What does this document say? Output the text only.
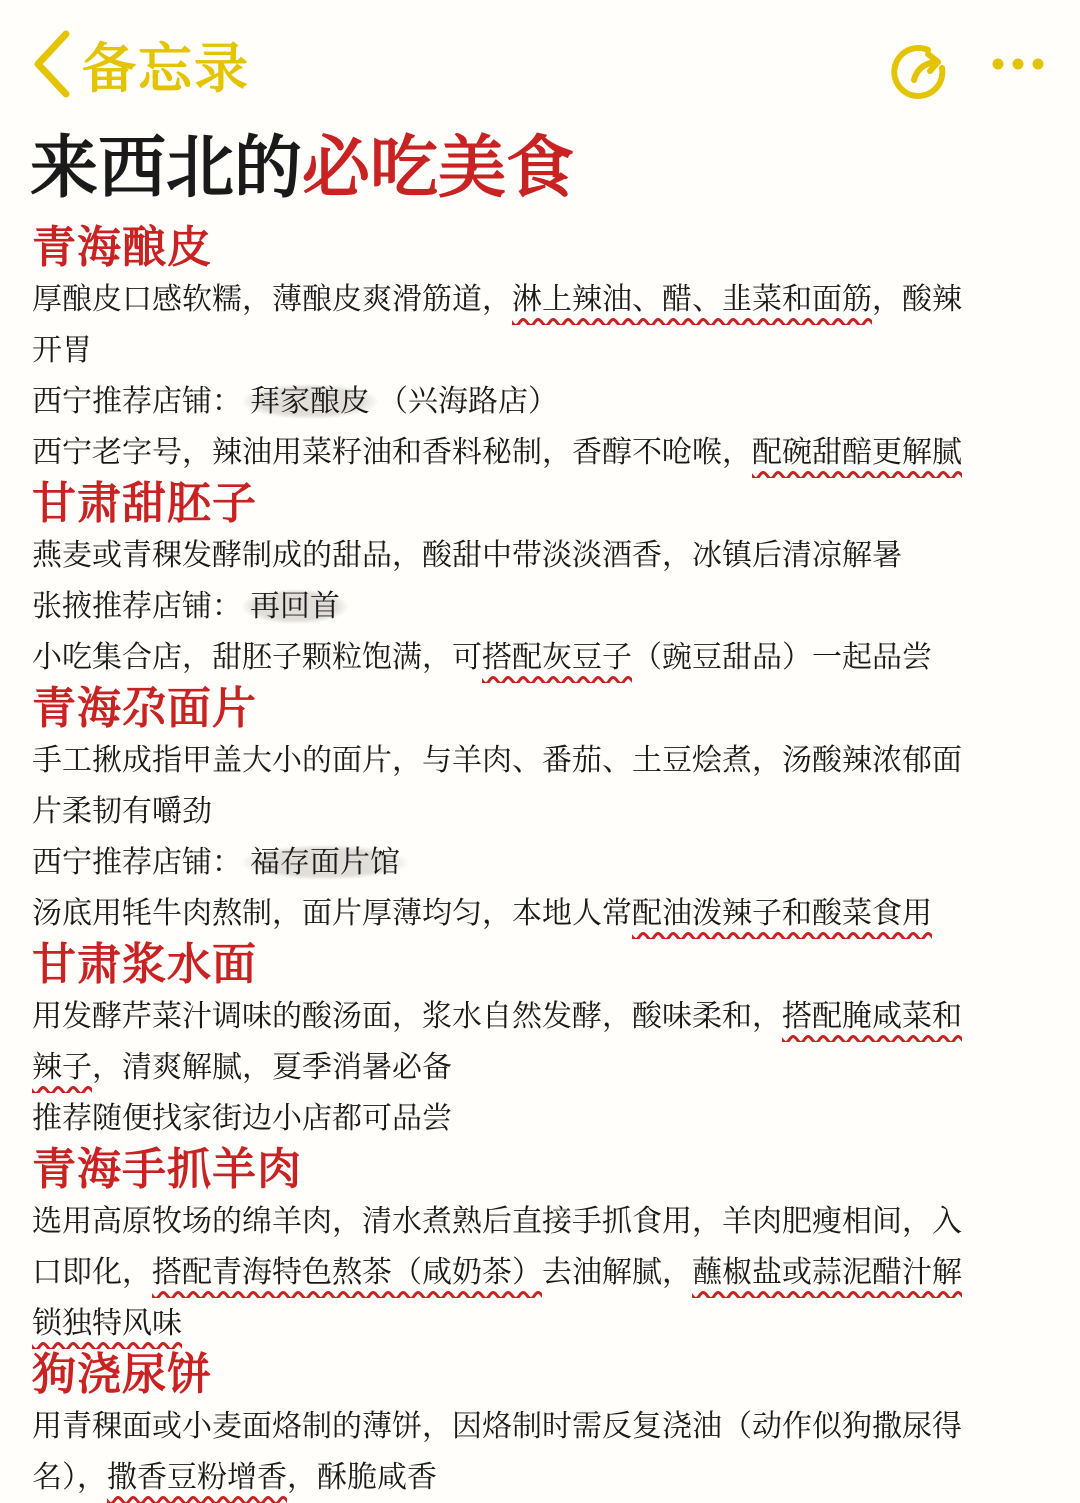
备忘录
来西北的必吃美食
青海酿皮
厚酿皮口感软糯，薄酿皮爽滑筋道，淋上辣油、醋、韭菜和面筋，酸辣
开胃
西宁推荐店铺： 拜家酿皮 （兴海路店）
西宁老字号，辣油用菜籽油和香料秘制，香醇不呛喉，配碗甜醅更解腻
甘肃甜胚子
燕麦或青稞发酵制成的甜品，酸甜中带淡淡酒香，冰镇后清凉解暑
张掖推荐店铺： 再回首
小吃集合店，甜胚子颗粒饱满，可搭配灰豆子（豌豆甜品）一起品尝
青海尕面片
手工揪成指甲盖大小的面片，与羊肉、番茄、土豆烩煮，汤酸辣浓郁面
片柔韧有嚼劲
西宁推荐店铺： 福存面片馆
汤底用牦牛肉熬制，面片厚薄均匀，本地人常配油泼辣子和酸菜食用
甘肃浆水面
用发酵芹菜汁调味的酸汤面，浆水自然发酵，酸味柔和，搭配腌咸菜和
辣子，清爽解腻，夏季消暑必备
推荐随便找家街边小店都可品尝
青海手抓羊肉
选用高原牧场的绵羊肉，清水煮熟后直接手抓食用，羊肉肥瘦相间，入
口即化，搭配青海特色熬茶（咸奶茶）去油解腻，蘸椒盐或蒜泥醋汁解
锁独特风味
狗浇尿饼
用青稞面或小麦面烙制的薄饼，因烙制时需反复浇油（动作似狗撒尿得
名），撒香豆粉增香，酥脆咸香
